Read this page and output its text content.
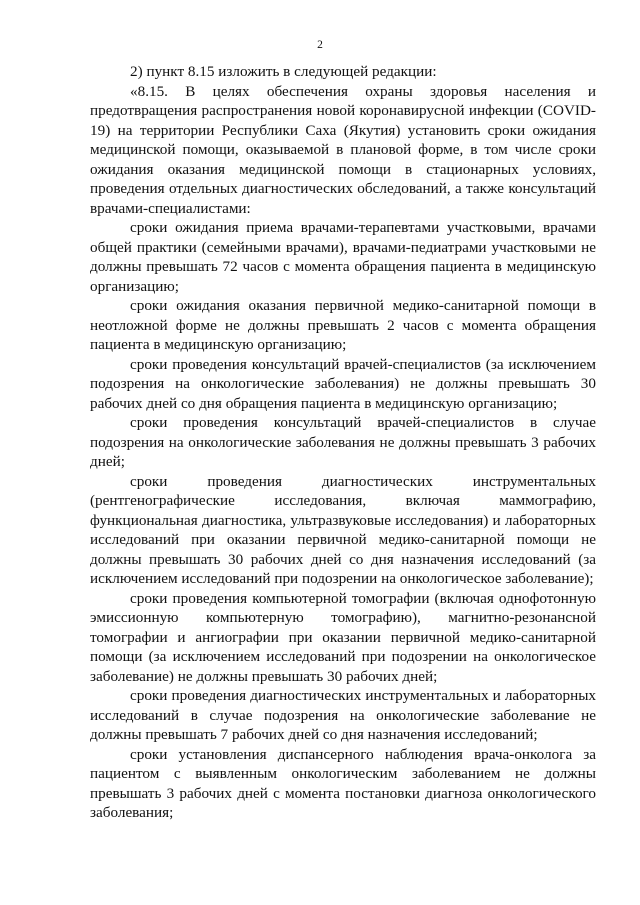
2

2) пункт 8.15 изложить в следующей редакции:

«8.15. В целях обеспечения охраны здоровья населения и предотвращения распространения новой коронавирусной инфекции (COVID-19) на территории Республики Саха (Якутия) установить сроки ожидания медицинской помощи, оказываемой в плановой форме, в том числе сроки ожидания оказания медицинской помощи в стационарных условиях, проведения отдельных диагностических обследований, а также консультаций врачами-специалистами:

сроки ожидания приема врачами-терапевтами участковыми, врачами общей практики (семейными врачами), врачами-педиатрами участковыми не должны превышать 72 часов с момента обращения пациента в медицинскую организацию;

сроки ожидания оказания первичной медико-санитарной помощи в неотложной форме не должны превышать 2 часов с момента обращения пациента в медицинскую организацию;

сроки проведения консультаций врачей-специалистов (за исключением подозрения на онкологические заболевания) не должны превышать 30 рабочих дней со дня обращения пациента в медицинскую организацию;

сроки проведения консультаций врачей-специалистов в случае подозрения на онкологические заболевания не должны превышать 3 рабочих дней;

сроки проведения диагностических инструментальных (рентгенографические исследования, включая маммографию, функциональная диагностика, ультразвуковые исследования) и лабораторных исследований при оказании первичной медико-санитарной помощи не должны превышать 30 рабочих дней со дня назначения исследований (за исключением исследований при подозрении на онкологическое заболевание);

сроки проведения компьютерной томографии (включая однофотонную эмиссионную компьютерную томографию), магнитно-резонансной томографии и ангиографии при оказании первичной медико-санитарной помощи (за исключением исследований при подозрении на онкологическое заболевание) не должны превышать 30 рабочих дней;

сроки проведения диагностических инструментальных и лабораторных исследований в случае подозрения на онкологические заболевание не должны превышать 7 рабочих дней со дня назначения исследований;

сроки установления диспансерного наблюдения врача-онколога за пациентом с выявленным онкологическим заболеванием не должны превышать 3 рабочих дней с момента постановки диагноза онкологического заболевания;
